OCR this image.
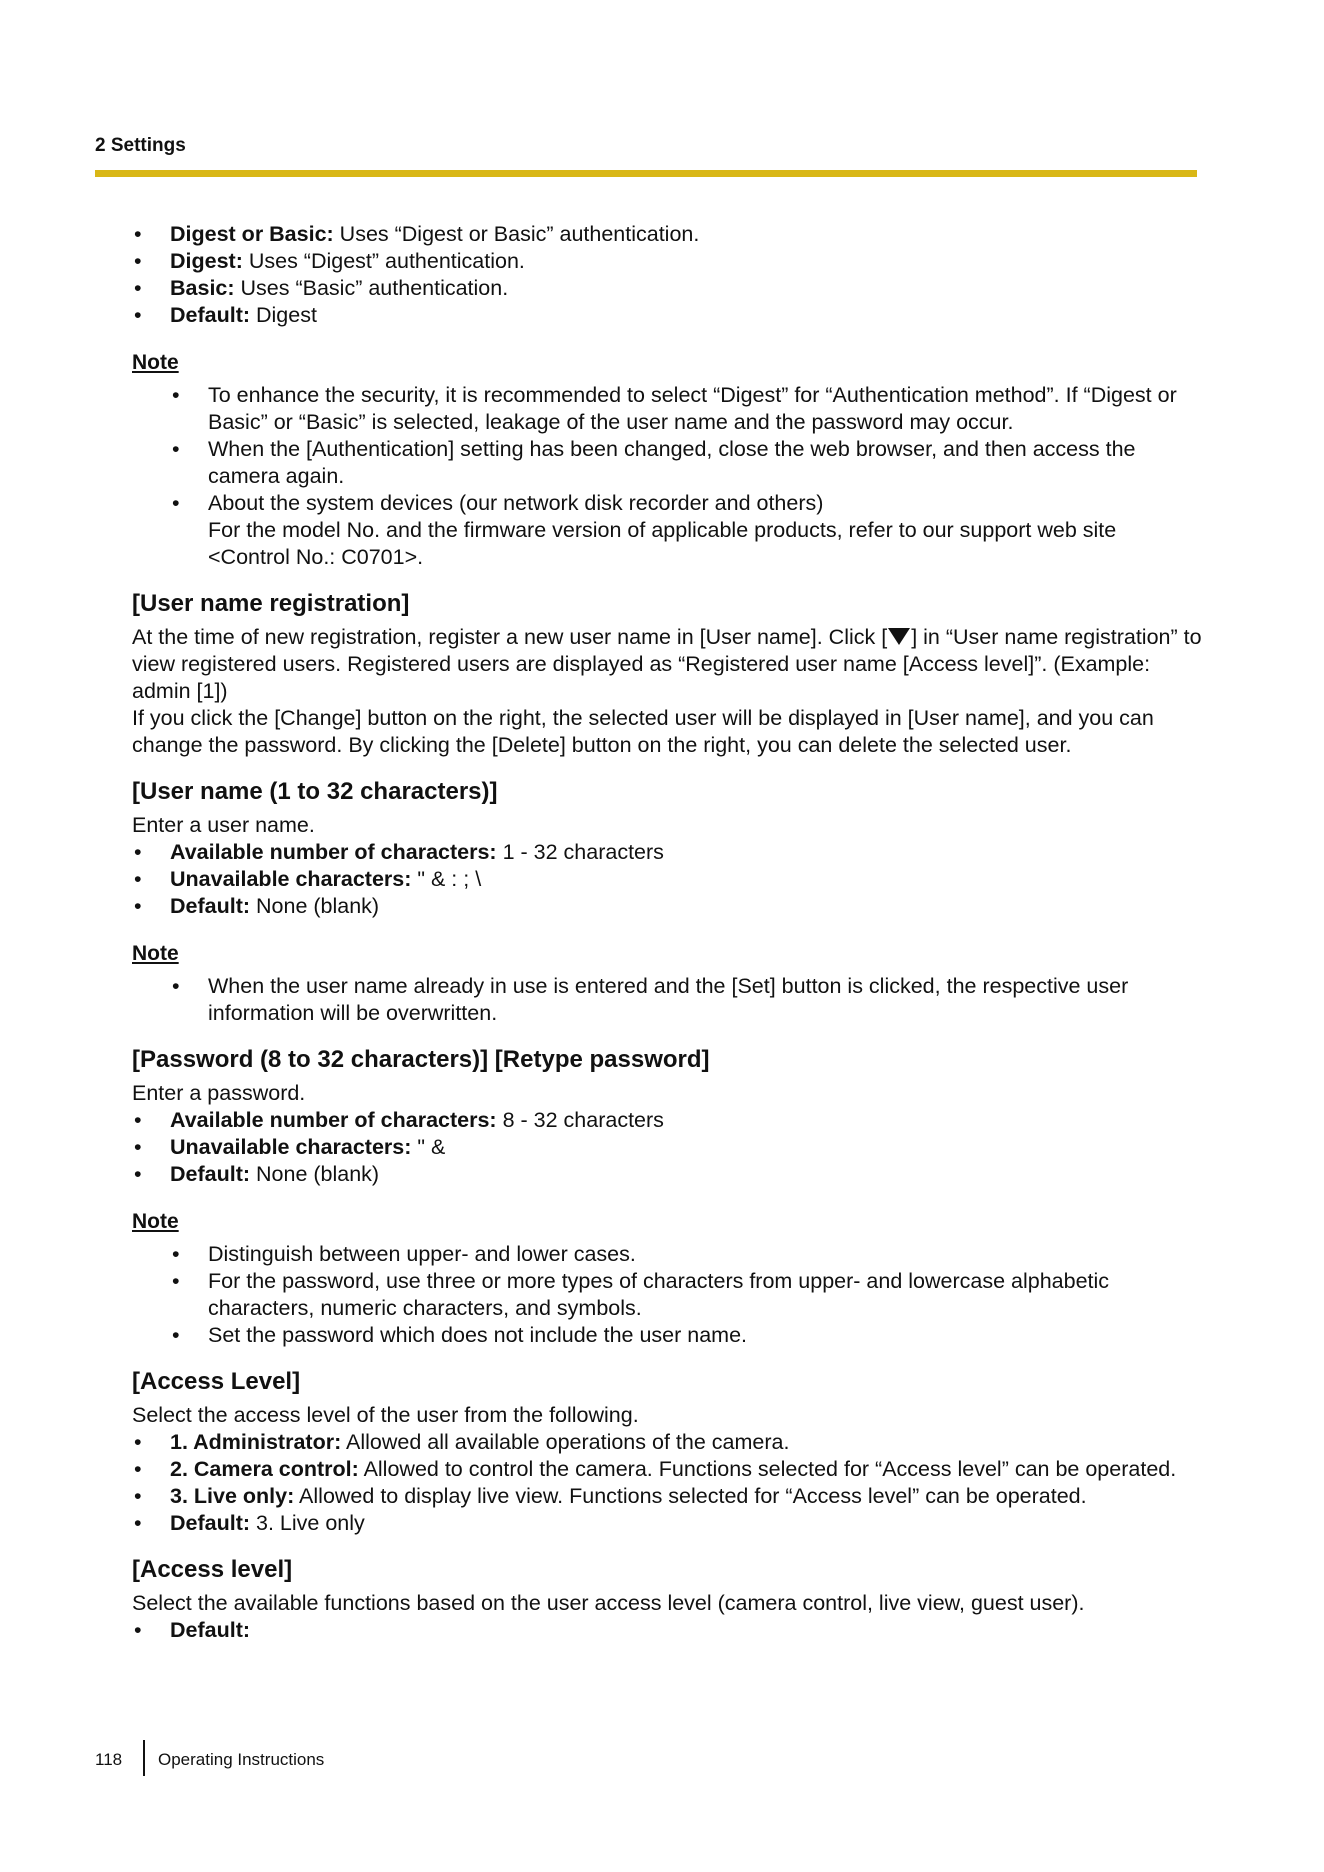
2 Settings
• Digest or Basic: Uses “Digest or Basic” authentication.
• Digest: Uses “Digest” authentication.
• Basic: Uses “Basic” authentication.
• Default: Digest
Note
• To enhance the security, it is recommended to select “Digest” for “Authentication method”. If “Digest or Basic” or “Basic” is selected, leakage of the user name and the password may occur.
• When the [Authentication] setting has been changed, close the web browser, and then access the camera again.
• About the system devices (our network disk recorder and others)
For the model No. and the firmware version of applicable products, refer to our support web site <Control No.: C0701>.
[User name registration]

At the time of new registration, register a new user name in [User name]. Click [ ] in “User name registration” to view registered users. Registered users are displayed as “Registered user name [Access level]”. (Example: admin [1])

If you click the [Change] button on the right, the selected user will be displayed in [User name], and you can change the password. By clicking the [Delete] button on the right, you can delete the selected user.

[User name (1 to 32 characters)]

Enter a user name.

• Available number of characters: 1 - 32 characters
• Unavailable characters: " & : ; \
• Default: None (blank)
Note
• When the user name already in use is entered and the [Set] button is clicked, the respective user information will be overwritten.
[Password (8 to 32 characters)] [Retype password]

Enter a password.

• Available number of characters: 8 - 32 characters
• Unavailable characters: " &
• Default: None (blank)
Note
• Distinguish between upper- and lower cases.
• For the password, use three or more types of characters from upper- and lowercase alphabetic characters, numeric characters, and symbols.
• Set the password which does not include the user name.
[Access Level]

Select the access level of the user from the following.

• 1. Administrator: Allowed all available operations of the camera.
• 2. Camera control: Allowed to control the camera. Functions selected for “Access level” can be operated.
• 3. Live only: Allowed to display live view. Functions selected for “Access level” can be operated.
• Default: 3. Live only
[Access level]

Select the available functions based on the user access level (camera control, live view, guest user).

• Default:
118 Operating Instructions
